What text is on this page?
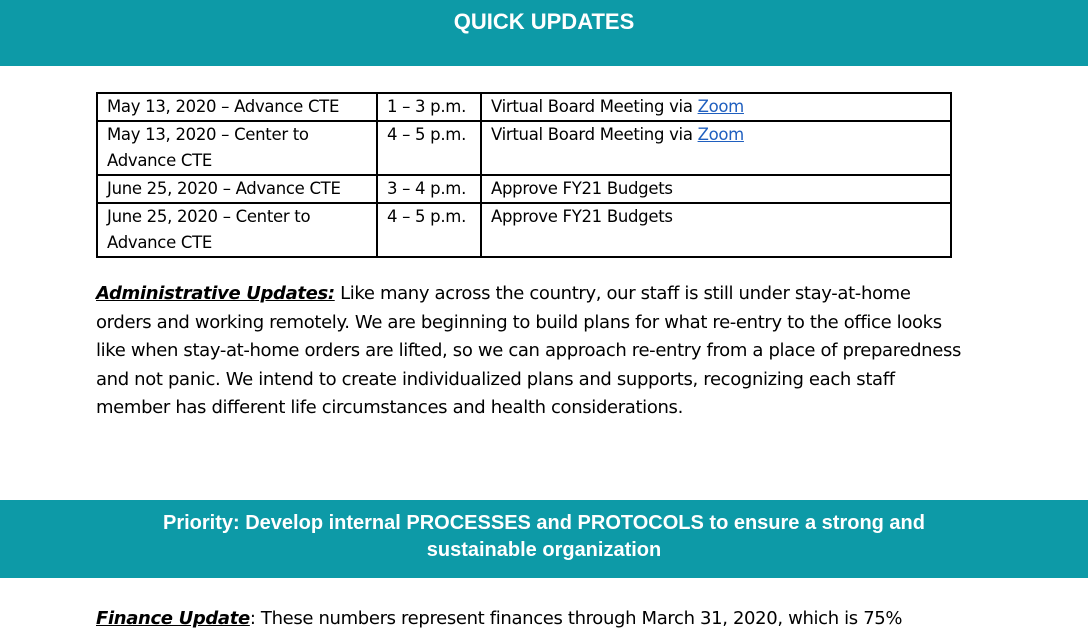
QUICK UPDATES
May 13, 2020 – Advance CTE	1 – 3 p.m.	Virtual Board Meeting via Zoom
May 13, 2020 – Center to
Advance CTE	4 – 5 p.m.	Virtual Board Meeting via Zoom
June 25, 2020 – Advance CTE	3 – 4 p.m.	Approve FY21 Budgets
June 25, 2020 – Center to
Advance CTE	4 – 5 p.m.	Approve FY21 Budgets
Administrative Updates: Like many across the country, our staff is still under stay-at-home orders and working remotely. We are beginning to build plans for what re-entry to the office looks like when stay-at-home orders are lifted, so we can approach re-entry from a place of preparedness and not panic. We intend to create individualized plans and supports, recognizing each staff member has different life circumstances and health considerations.
Priority: Develop internal PROCESSES and PROTOCOLS to ensure a strong and
sustainable organization
Finance Update: These numbers represent finances through March 31, 2020, which is 75%
